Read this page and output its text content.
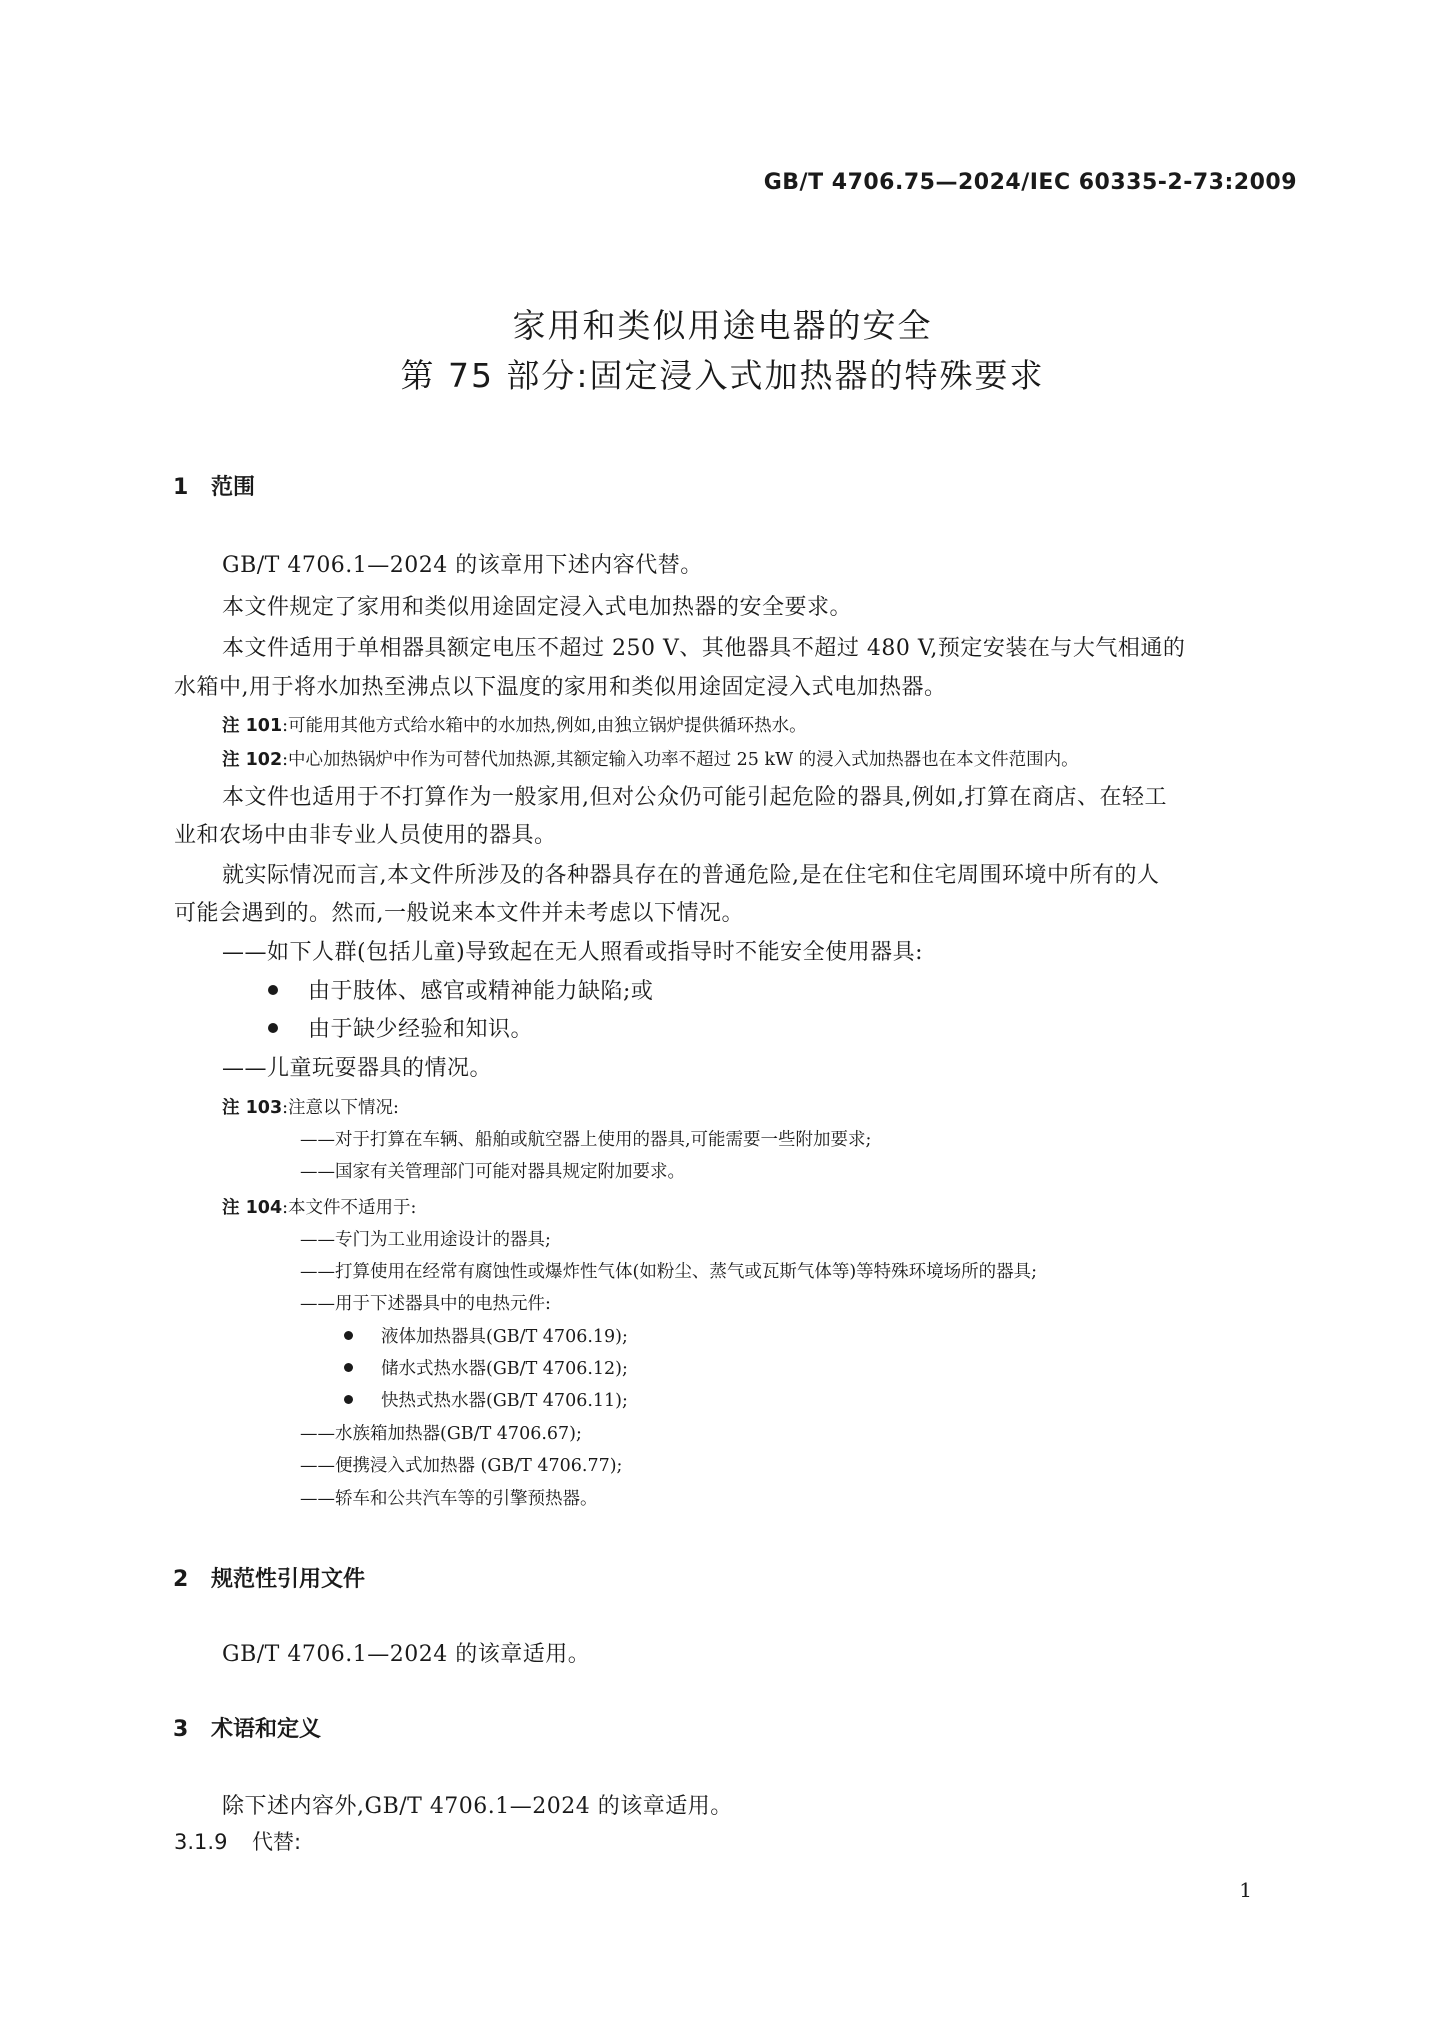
GB/T 4706.75—2024/IEC 60335-2-73:2009
家用和类似用途电器的安全
第 75 部分:固定浸入式加热器的特殊要求
1 范围
GB/T 4706.1—2024 的该章用下述内容代替。
本文件规定了家用和类似用途固定浸入式电加热器的安全要求。
本文件适用于单相器具额定电压不超过 250 V、其他器具不超过 480 V,预定安装在与大气相通的
水箱中,用于将水加热至沸点以下温度的家用和类似用途固定浸入式电加热器。
注 101:可能用其他方式给水箱中的水加热,例如,由独立锅炉提供循环热水。
注 102:中心加热锅炉中作为可替代加热源,其额定输入功率不超过 25 kW 的浸入式加热器也在本文件范围内。
本文件也适用于不打算作为一般家用,但对公众仍可能引起危险的器具,例如,打算在商店、在轻工
业和农场中由非专业人员使用的器具。
就实际情况而言,本文件所涉及的各种器具存在的普通危险,是在住宅和住宅周围环境中所有的人
可能会遇到的。然而,一般说来本文件并未考虑以下情况。
——如下人群(包括儿童)导致起在无人照看或指导时不能安全使用器具:
由于肢体、感官或精神能力缺陷;或
由于缺少经验和知识。
——儿童玩耍器具的情况。
注 103:注意以下情况:
——对于打算在车辆、船舶或航空器上使用的器具,可能需要一些附加要求;
——国家有关管理部门可能对器具规定附加要求。
注 104:本文件不适用于:
——专门为工业用途设计的器具;
——打算使用在经常有腐蚀性或爆炸性气体(如粉尘、蒸气或瓦斯气体等)等特殊环境场所的器具;
——用于下述器具中的电热元件:
液体加热器具(GB/T 4706.19);
储水式热水器(GB/T 4706.12);
快热式热水器(GB/T 4706.11);
——水族箱加热器(GB/T 4706.67);
——便携浸入式加热器 (GB/T 4706.77);
——轿车和公共汽车等的引擎预热器。
2 规范性引用文件
GB/T 4706.1—2024 的该章适用。
3 术语和定义
除下述内容外,GB/T 4706.1—2024 的该章适用。
3.1.9 代替:
1
